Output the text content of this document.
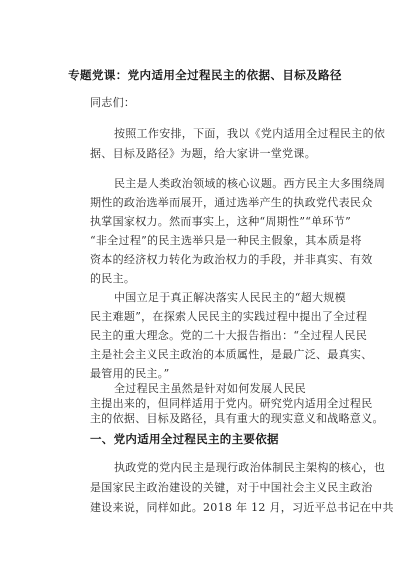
专题党课：党内适用全过程民主的依据、目标及路径
同志们：
按照工作安排，下面，我以《党内适用全过程民主的依
据、目标及路径》为题，给大家讲一堂党课。
民主是人类政治领域的核心议题。西方民主大多围绕周
期性的政治选举而展开，通过选举产生的执政党代表民众
执掌国家权力。然而事实上，这种“周期性”“单环节”
“非全过程”的民主选举只是一种民主假象，其本质是将
资本的经济权力转化为政治权力的手段，并非真实、有效
的民主。
中国立足于真正解决落实人民民主的“超大规模
民主难题”，在探索人民民主的实践过程中提出了全过程
民主的重大理念。党的二十大报告指出：“全过程人民民
主是社会主义民主政治的本质属性，是最广泛、最真实、
最管用的民主。”
全过程民主虽然是针对如何发展人民民
一、党内适用全过程民主的主要依据
执政党的党内民主是现行政治体制民主架构的核心，也
是国家民主政治建设的关键，对于中国社会主义民主政治
建设来说，同样如此。2018 年 12 月，习近平总书记在中共
主提出来的，但同样适用于党内。研究党内适用全过程民
主的依据、目标及路径，具有重大的现实意义和战略意义。
